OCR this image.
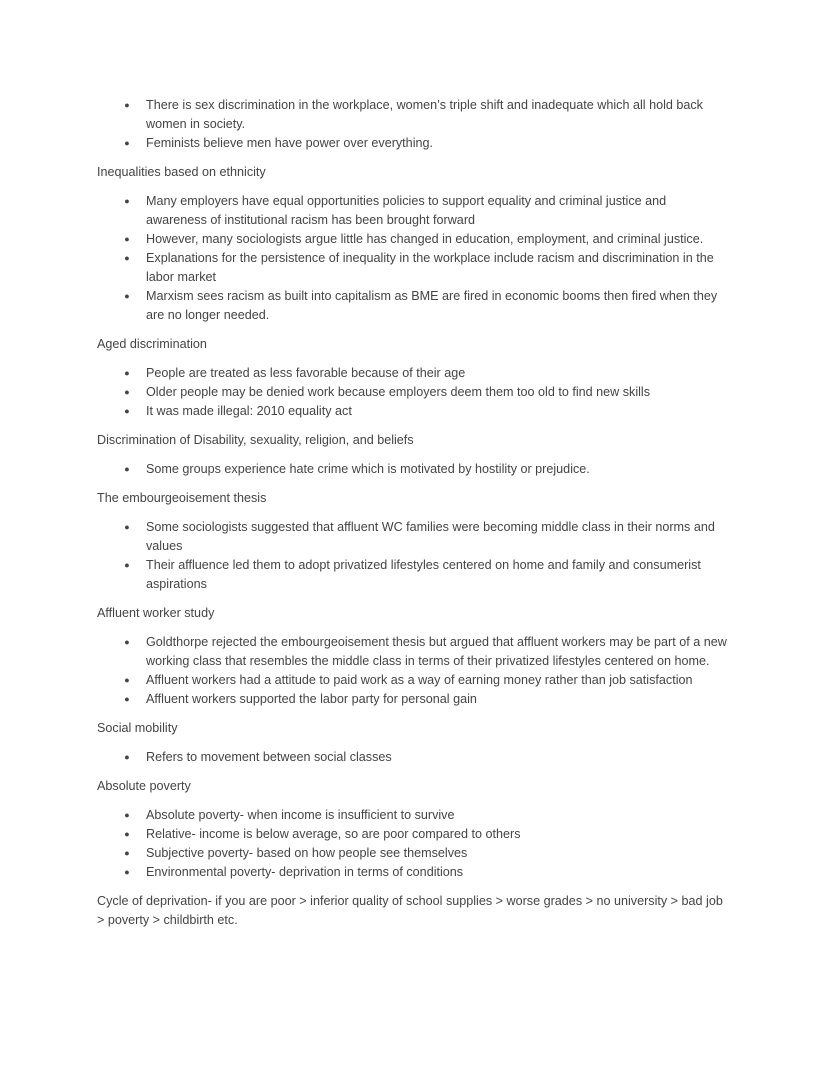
● There is sex discrimination in the workplace, women’s triple shift and inadequate which all hold back women in society.
● Feminists believe men have power over everything.
Inequalities based on ethnicity
● Many employers have equal opportunities policies to support equality and criminal justice and awareness of institutional racism has been brought forward
● However, many sociologists argue little has changed in education, employment, and criminal justice.
● Explanations for the persistence of inequality in the workplace include racism and discrimination in the labor market
● Marxism sees racism as built into capitalism as BME are fired in economic booms then fired when they are no longer needed.
Aged discrimination
● People are treated as less favorable because of their age
● Older people may be denied work because employers deem them too old to find new skills
● It was made illegal: 2010 equality act
Discrimination of Disability, sexuality, religion, and beliefs
● Some groups experience hate crime which is motivated by hostility or prejudice.
The embourgeoisement thesis
● Some sociologists suggested that affluent WC families were becoming middle class in their norms and values
● Their affluence led them to adopt privatized lifestyles centered on home and family and consumerist aspirations
Affluent worker study
● Goldthorpe rejected the embourgeoisement thesis but argued that affluent workers may be part of a new working class that resembles the middle class in terms of their privatized lifestyles centered on home.
● Affluent workers had a attitude to paid work as a way of earning money rather than job satisfaction
● Affluent workers supported the labor party for personal gain
Social mobility
● Refers to movement between social classes
Absolute poverty
● Absolute poverty- when income is insufficient to survive
● Relative- income is below average, so are poor compared to others
● Subjective poverty- based on how people see themselves
● Environmental poverty- deprivation in terms of conditions

Cycle of deprivation- if you are poor > inferior quality of school supplies > worse grades > no university > bad job > poverty > childbirth etc.
